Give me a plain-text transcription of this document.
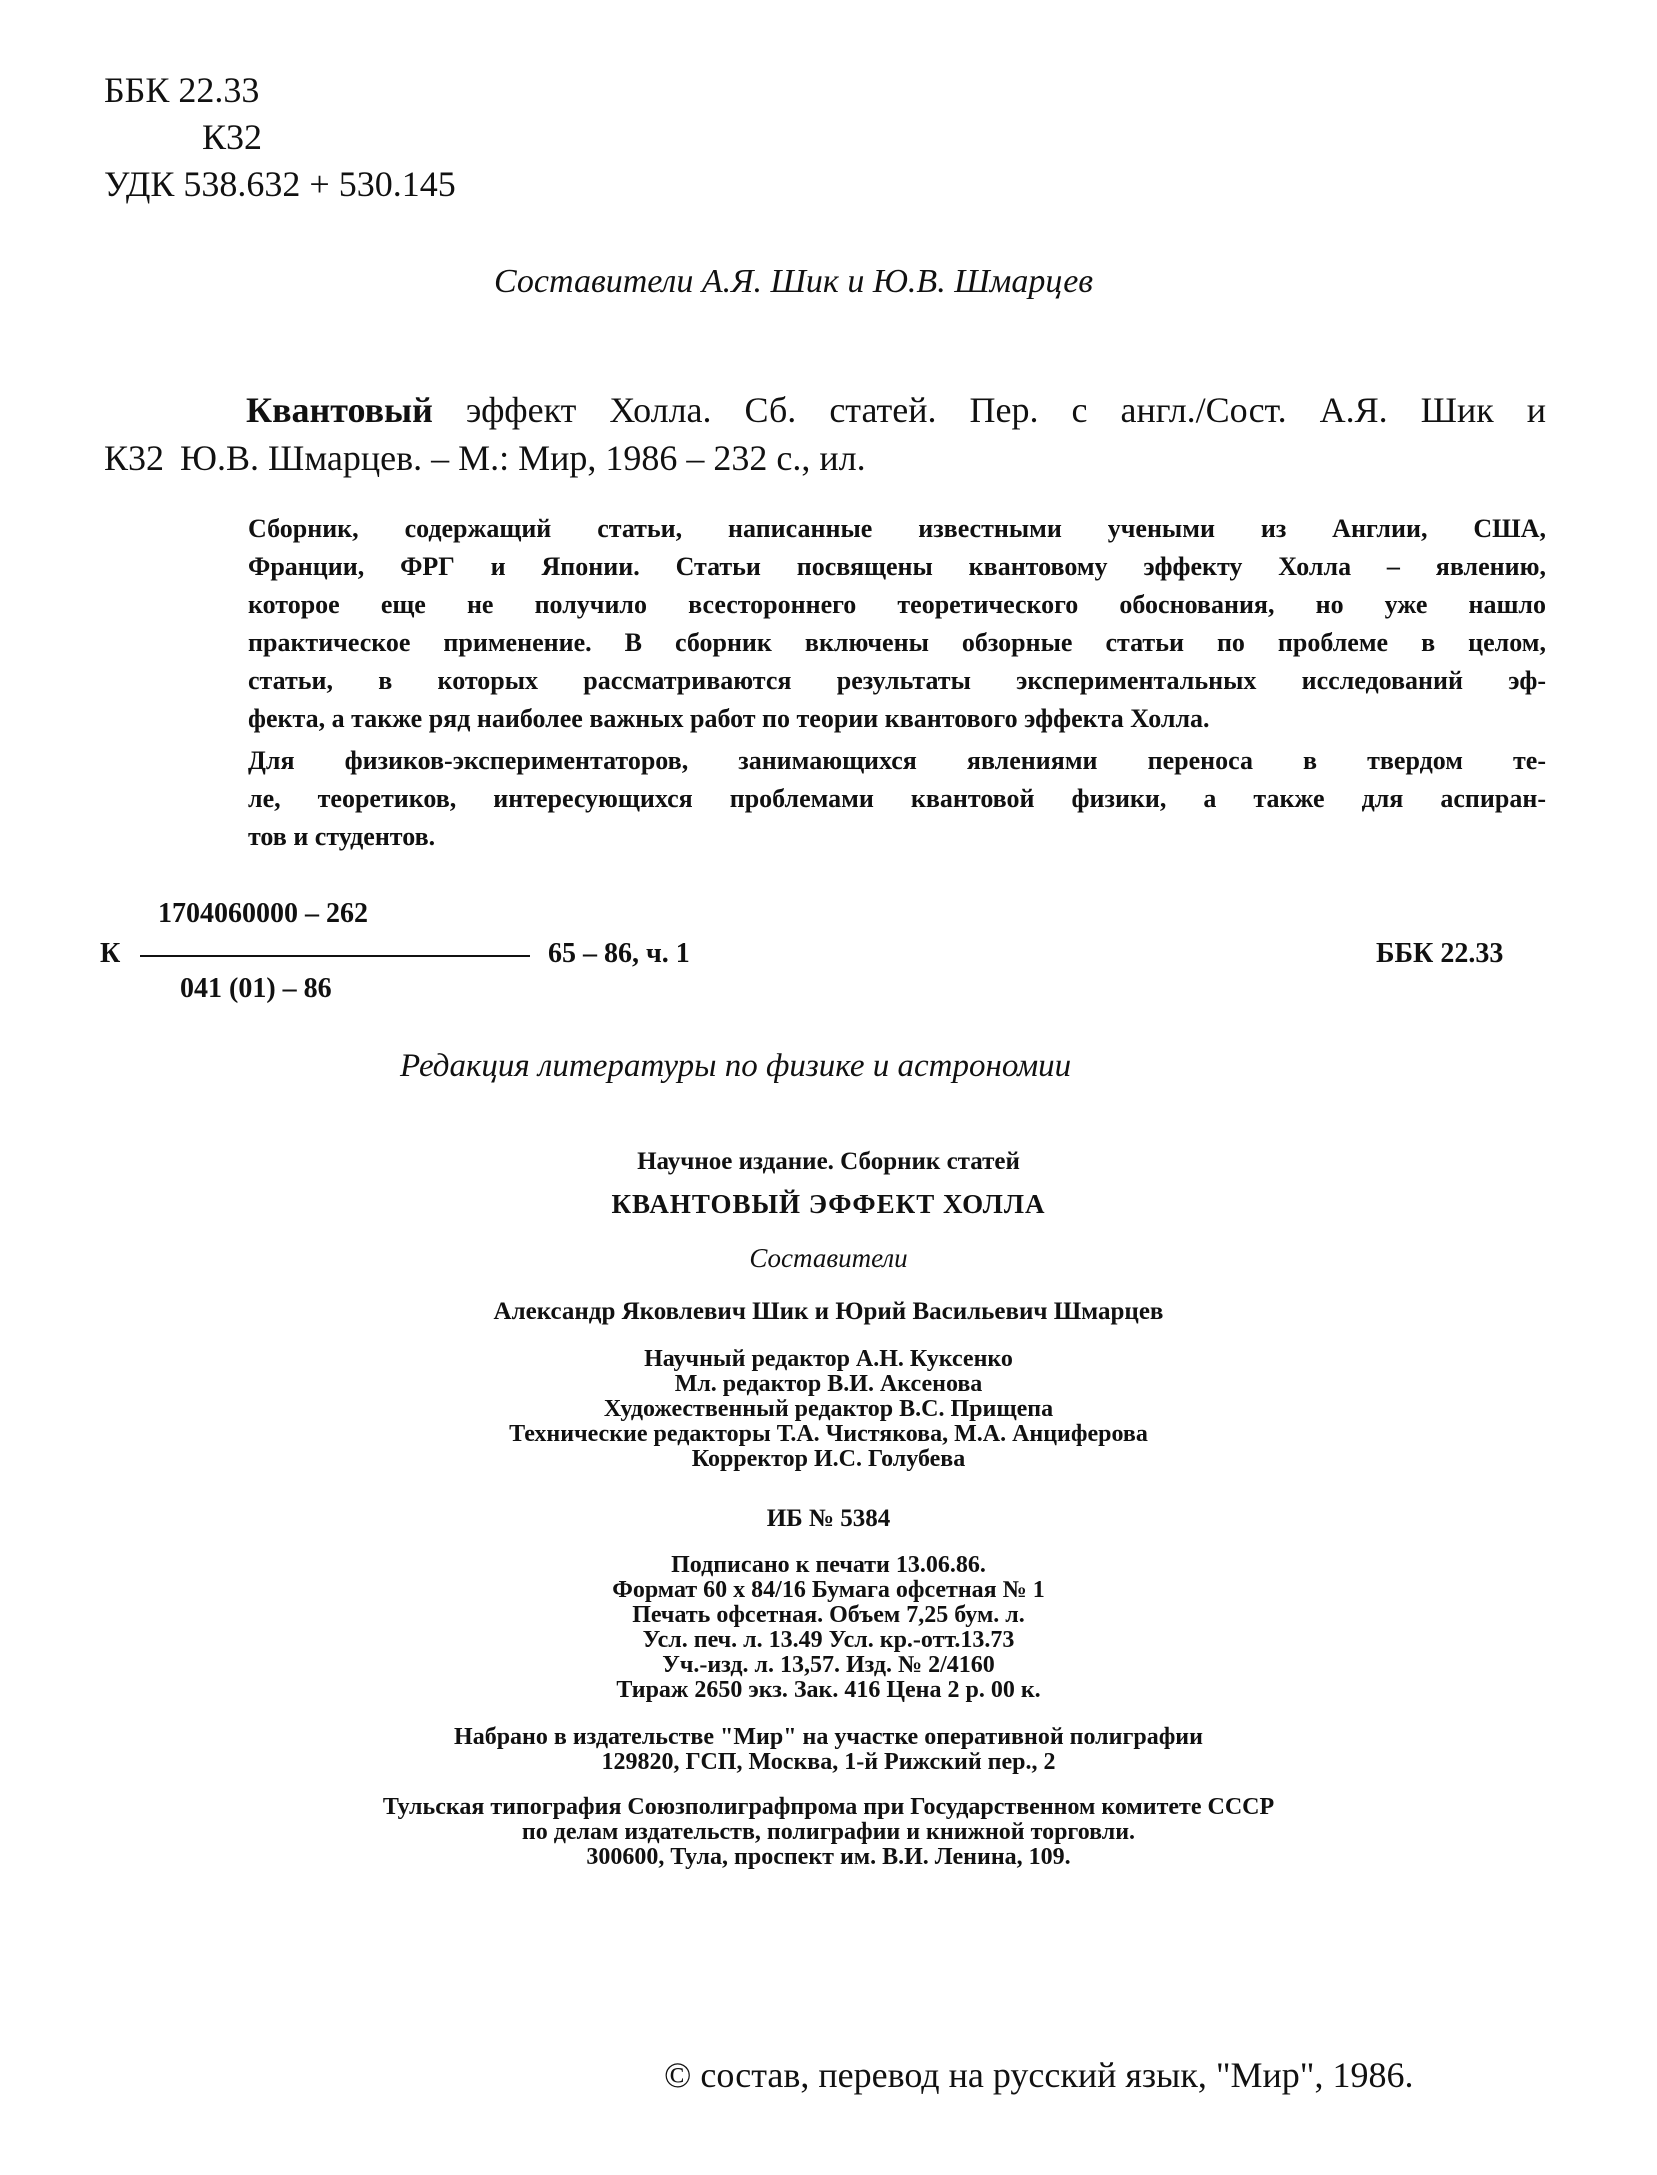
ББК 22.33
К32
УДК 538.632 + 530.145
Составители А.Я. Шик и Ю.В. Шмарцев
Квантовый эффект Холла. Сб. статей. Пер. с англ./Сост. А.Я. Шик и
К32 Ю.В. Шмарцев. – М.: Мир, 1986 – 232 с., ил.

Сборник, содержащий статьи, написанные известными учеными из Англии, США,
Франции, ФРГ и Японии. Статьи посвящены квантовому эффекту Холла – явлению,
которое еще не получило всестороннего теоретического обоснования, но уже нашло
практическое применение. В сборник включены обзорные статьи по проблеме в целом,
статьи, в которых рассматриваются результаты экспериментальных исследований эф-
фекта, а также ряд наиболее важных работ по теории квантового эффекта Холла.

Для физиков-экспериментаторов, занимающихся явлениями переноса в твердом те-
ле, теоретиков, интересующихся проблемами квантовой физики, а также для аспиран-
тов и студентов.

1704060000 – 262
К	65 – 86, ч. 1	ББК 22.33
041 (01) – 86
Редакция литературы по физике и астрономии
Научное издание. Сборник статей
КВАНТОВЫЙ ЭФФЕКТ ХОЛЛА
Составители
Александр Яковлевич Шик и Юрий Васильевич Шмарцев
Научный редактор А.Н. Куксенко
Мл. редактор В.И. Аксенова
Художественный редактор В.С. Прищепа
Технические редакторы Т.А. Чистякова, М.А. Анциферова
Корректор И.С. Голубева
ИБ № 5384
Подписано к печати 13.06.86.
Формат 60 х 84/16 Бумага офсетная № 1
Печать офсетная. Объем 7,25 бум. л.
Усл. печ. л. 13.49 Усл. кр.-отт.13.73
Уч.-изд. л. 13,57. Изд. № 2/4160
Тираж 2650 экз. Зак. 416 Цена 2 р. 00 к.
Набрано в издательстве "Мир" на участке оперативной полиграфии
129820, ГСП, Москва, 1-й Рижский пер., 2
Тульская типография Союзполиграфпрома при Государственном комитете СССР
по делам издательств, полиграфии и книжной торговли.
300600, Тула, проспект им. В.И. Ленина, 109.
© состав, перевод на русский язык, "Мир", 1986.
